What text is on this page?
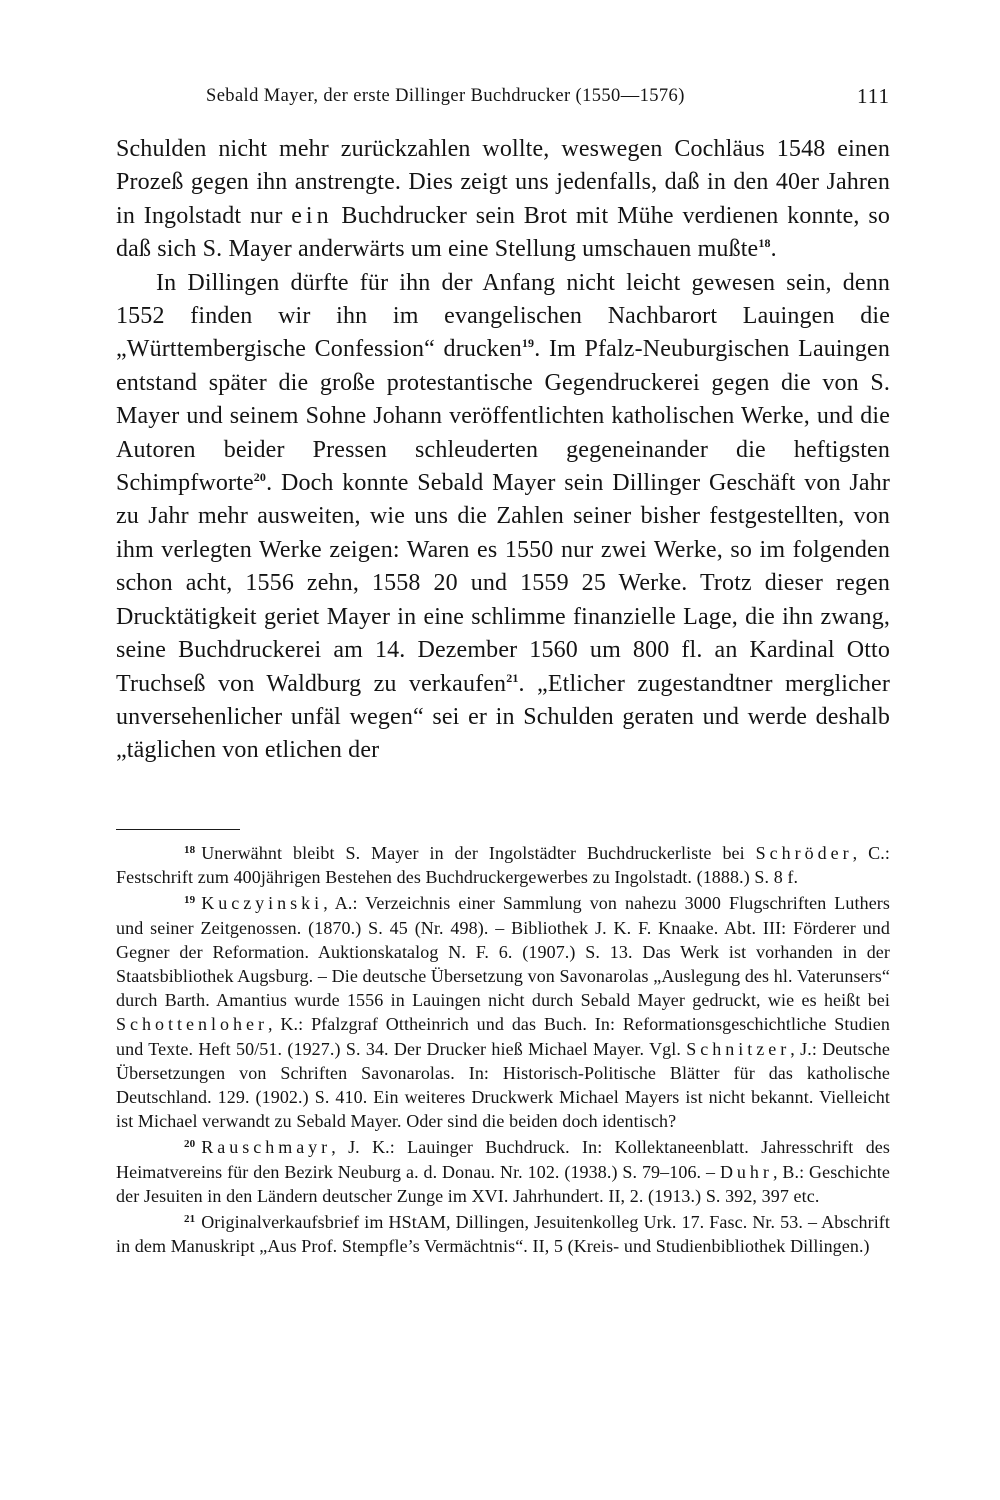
Sebald Mayer, der erste Dillinger Buchdrucker (1550—1576)	111

Schulden nicht mehr zurückzahlen wollte, weswegen Cochläus 1548 einen Prozeß gegen ihn anstrengte. Dies zeigt uns jedenfalls, daß in den 40er Jahren in Ingolstadt nur ein Buchdrucker sein Brot mit Mühe verdienen konnte, so daß sich S. Mayer anderwärts um eine Stellung umschauen mußte$^{18}$.

In Dillingen dürfte für ihn der Anfang nicht leicht gewesen sein, denn 1552 finden wir ihn im evangelischen Nachbarort Lauingen die „Württembergische Confession“ drucken$^{19}$. Im Pfalz-Neuburgischen Lauingen entstand später die große protestantische Gegendruckerei gegen die von S. Mayer und seinem Sohne Johann veröffentlichten katholischen Werke, und die Autoren beider Pressen schleuderten gegeneinander die heftigsten Schimpfworte$^{20}$. Doch konnte Sebald Mayer sein Dillinger Geschäft von Jahr zu Jahr mehr ausweiten, wie uns die Zahlen seiner bisher festgestellten, von ihm verlegten Werke zeigen: Waren es 1550 nur zwei Werke, so im folgenden schon acht, 1556 zehn, 1558 20 und 1559 25 Werke. Trotz dieser regen Drucktätigkeit geriet Mayer in eine schlimme finanzielle Lage, die ihn zwang, seine Buchdruckerei am 14. Dezember 1560 um 800 fl. an Kardinal Otto Truchseß von Waldburg zu verkaufen$^{21}$. „Etlicher zugestandtner merglicher unversehenlicher unfäl wegen“ sei er in Schulden geraten und werde deshalb „täglichen von etlichen der

18 Unerwähnt bleibt S. Mayer in der Ingolstädter Buchdruckerliste bei Schröder, C.: Festschrift zum 400jährigen Bestehen des Buchdruckergewerbes zu Ingolstadt. (1888.) S. 8 f.

19 Kuczyinski, A.: Verzeichnis einer Sammlung von nahezu 3000 Flugschriften Luthers und seiner Zeitgenossen. (1870.) S. 45 (Nr. 498). – Bibliothek J. K. F. Knaake. Abt. III: Förderer und Gegner der Reformation. Auktionskatalog N. F. 6. (1907.) S. 13. Das Werk ist vorhanden in der Staatsbibliothek Augsburg. – Die deutsche Übersetzung von Savonarolas „Auslegung des hl. Vaterunsers“ durch Barth. Amantius wurde 1556 in Lauingen nicht durch Sebald Mayer gedruckt, wie es heißt bei Schottenloher, K.: Pfalzgraf Ottheinrich und das Buch. In: Reformationsgeschichtliche Studien und Texte. Heft 50/51. (1927.) S. 34. Der Drucker hieß Michael Mayer. Vgl. Schnitzer, J.: Deutsche Übersetzungen von Schriften Savonarolas. In: Historisch-Politische Blätter für das katholische Deutschland. 129. (1902.) S. 410. Ein weiteres Druckwerk Michael Mayers ist nicht bekannt. Vielleicht ist Michael verwandt zu Sebald Mayer. Oder sind die beiden doch identisch?

20 Rauschmayr, J. K.: Lauinger Buchdruck. In: Kollektaneenblatt. Jahresschrift des Heimatvereins für den Bezirk Neuburg a. d. Donau. Nr. 102. (1938.) S. 79–106. – Duhr, B.: Geschichte der Jesuiten in den Ländern deutscher Zunge im XVI. Jahrhundert. II, 2. (1913.) S. 392, 397 etc.

21 Originalverkaufsbrief im HStAM, Dillingen, Jesuitenkolleg Urk. 17. Fasc. Nr. 53. – Abschrift in dem Manuskript „Aus Prof. Stempfle’s Vermächtnis“. II, 5 (Kreis- und Studienbibliothek Dillingen.)
